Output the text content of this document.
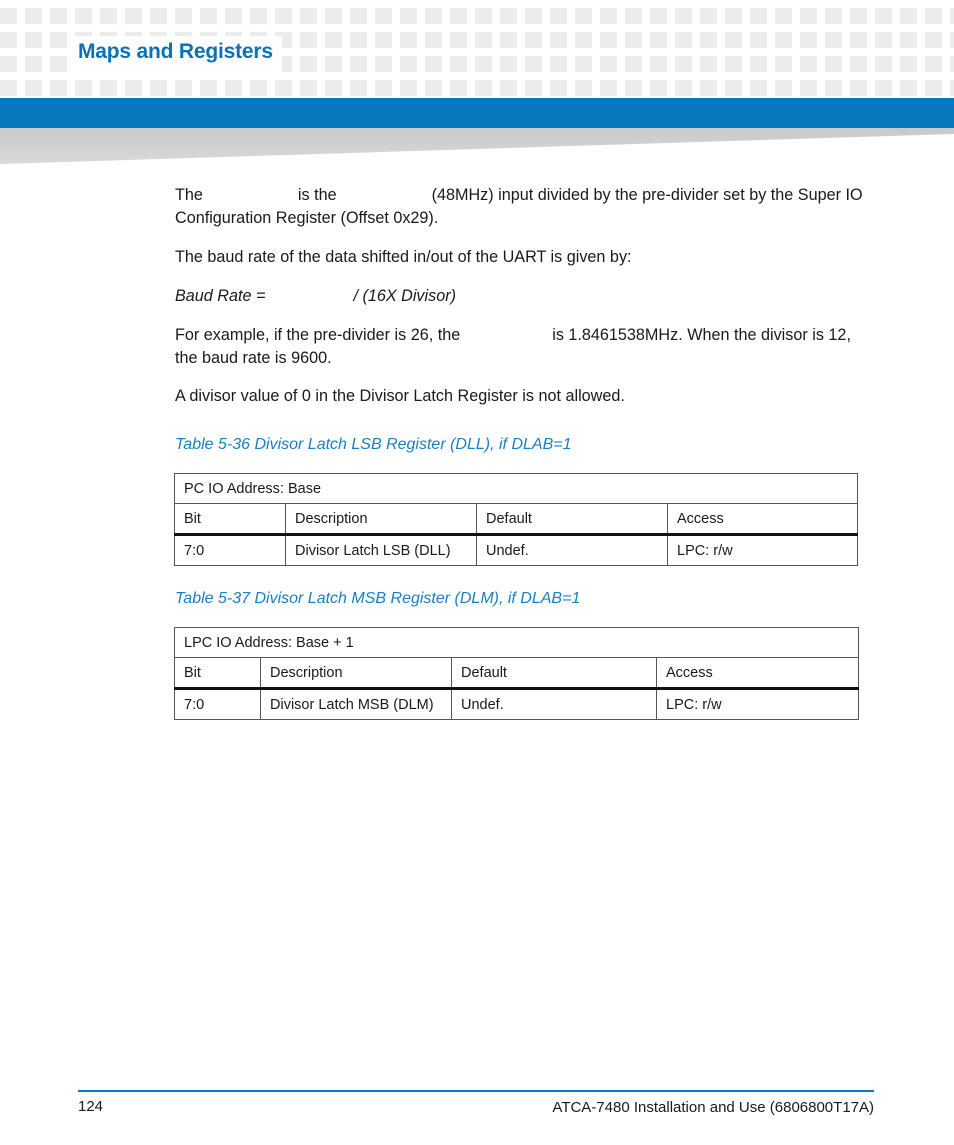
Maps and Registers

The	is the	(48MHz) input divided by the pre-divider set by the Super IO Configuration Register (Offset 0x29).

The baud rate of the data shifted in/out of the UART is given by:

Baud Rate =	/ (16X Divisor)

For example, if the pre-divider is 26, the	is 1.8461538MHz. When the divisor is 12, the baud rate is 9600.

A divisor value of 0 in the Divisor Latch Register is not allowed.

Table 5-36 Divisor Latch LSB Register (DLL), if DLAB=1
PC IO Address: Base			
Bit	Description	Default	Access
7:0	Divisor Latch LSB (DLL)	Undef.	LPC: r/w
Table 5-37 Divisor Latch MSB Register (DLM), if DLAB=1
LPC IO Address: Base + 1			
Bit	Description	Default	Access
7:0	Divisor Latch MSB (DLM)	Undef.	LPC: r/w
124	ATCA-7480 Installation and Use (6806800T17A)
